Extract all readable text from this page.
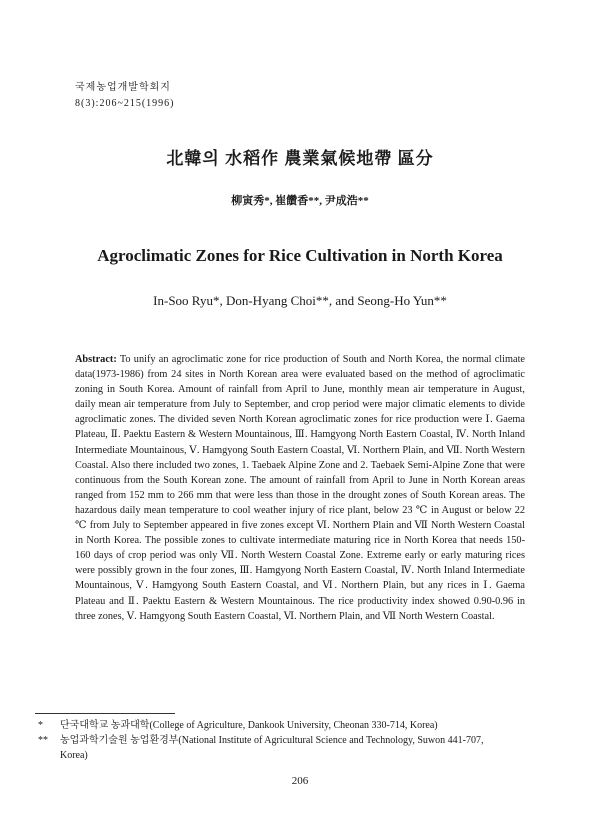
국제농업개발학회지
8(3):206~215(1996)
北韓의 水稻作 農業氣候地帶 區分
柳寅秀*, 崔饡香**, 尹成浩**
Agroclimatic Zones for Rice Cultivation in North Korea
In-Soo Ryu*, Don-Hyang Choi**, and Seong-Ho Yun**
Abstract: To unify an agroclimatic zone for rice production of South and North Korea, the normal climate data(1973-1986) from 24 sites in North Korean area were evaluated based on the method of agroclimatic zoning in South Korea. Amount of rainfall from April to June, monthly mean air temperature in August, daily mean air temperature from July to September, and crop period were major climatic elements to divide agroclimatic zones. The divided seven North Korean agroclimatic zones for rice production were Ⅰ. Gaema Plateau, Ⅱ. Paektu Eastern & Western Mountainous, Ⅲ. Hamgyong North Eastern Coastal, Ⅳ. North Inland Intermediate Mountainous, Ⅴ. Hamgyong South Eastern Coastal, Ⅵ. Northern Plain, and Ⅶ. North Western Coastal. Also there included two zones, 1. Taebaek Alpine Zone and 2. Taebaek Semi-Alpine Zone that were continuous from the South Korean zone. The amount of rainfall from April to June in North Korean areas ranged from 152 mm to 266 mm that were less than those in the drought zones of South Korean areas. The hazardous daily mean temperature to cool weather injury of rice plant, below 23 ℃ in August or below 22 ℃ from July to September appeared in five zones except Ⅵ. Northern Plain and Ⅶ North Western Coastal in North Korea. The possible zones to cultivate intermediate maturing rice in North Korea that needs 150-160 days of crop period was only Ⅶ. North Western Coastal Zone. Extreme early or early maturing rices were possibly grown in the four zones, Ⅲ. Hamgyong North Eastern Coastal, Ⅳ. North Inland Intermediate Mountainous, Ⅴ. Hamgyong South Eastern Coastal, and Ⅵ. Northern Plain, but any rices in Ⅰ. Gaema Plateau and Ⅱ. Paektu Eastern & Western Mountainous. The rice productivity index showed 0.90-0.96 in three zones, Ⅴ. Hamgyong South Eastern Coastal, Ⅵ. Northern Plain, and Ⅶ North Western Coastal.
*	단국대학교 농과대학(College of Agriculture, Dankook University, Cheonan 330-714, Korea)
**	농업과학기술원 농업환경부(National Institute of Agricultural Science and Technology, Suwon 441-707, Korea)
206
